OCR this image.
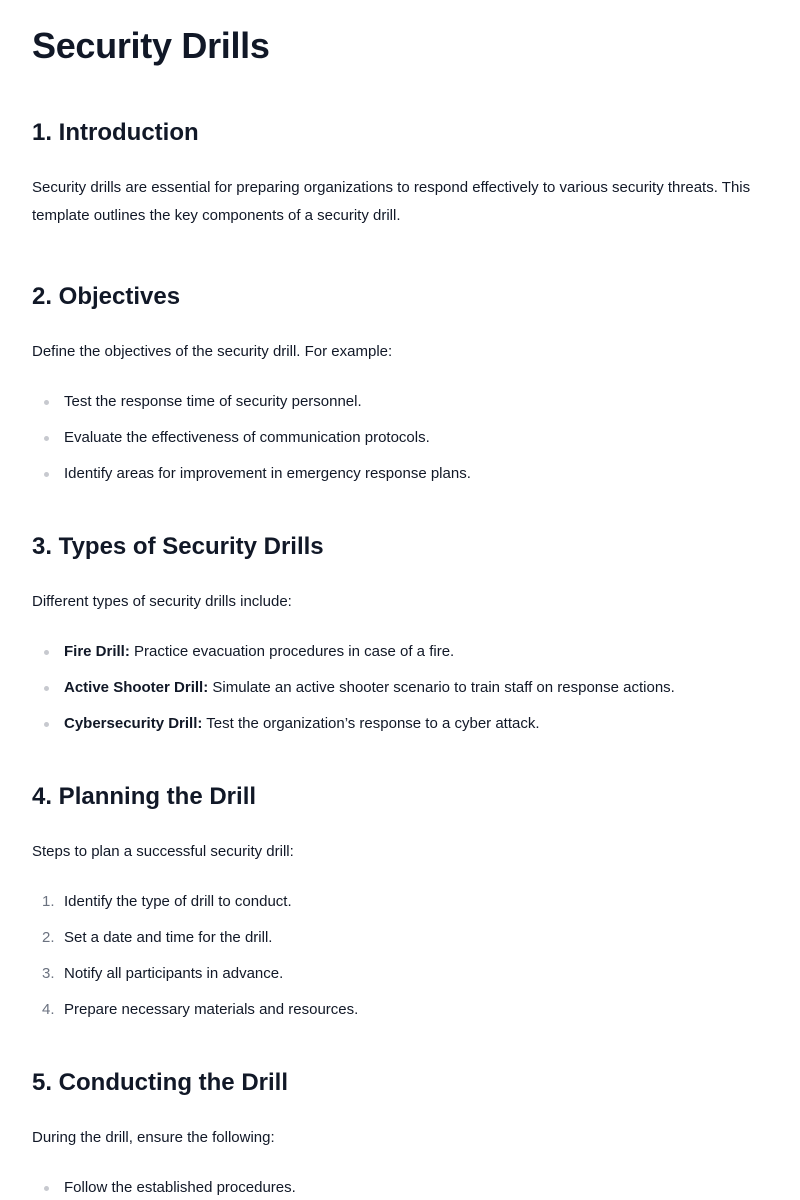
Security Drills
1. Introduction

Security drills are essential for preparing organizations to respond effectively to various security threats. This template outlines the key components of a security drill.

2. Objectives

Define the objectives of the security drill. For example:

Test the response time of security personnel.
Evaluate the effectiveness of communication protocols.
Identify areas for improvement in emergency response plans.
3. Types of Security Drills

Different types of security drills include:

Fire Drill: Practice evacuation procedures in case of a fire.
Active Shooter Drill: Simulate an active shooter scenario to train staff on response actions.
Cybersecurity Drill: Test the organization’s response to a cyber attack.
4. Planning the Drill

Steps to plan a successful security drill:

1. Identify the type of drill to conduct.
2. Set a date and time for the drill.
3. Notify all participants in advance.
4. Prepare necessary materials and resources.
5. Conducting the Drill

During the drill, ensure the following:

Follow the established procedures.
